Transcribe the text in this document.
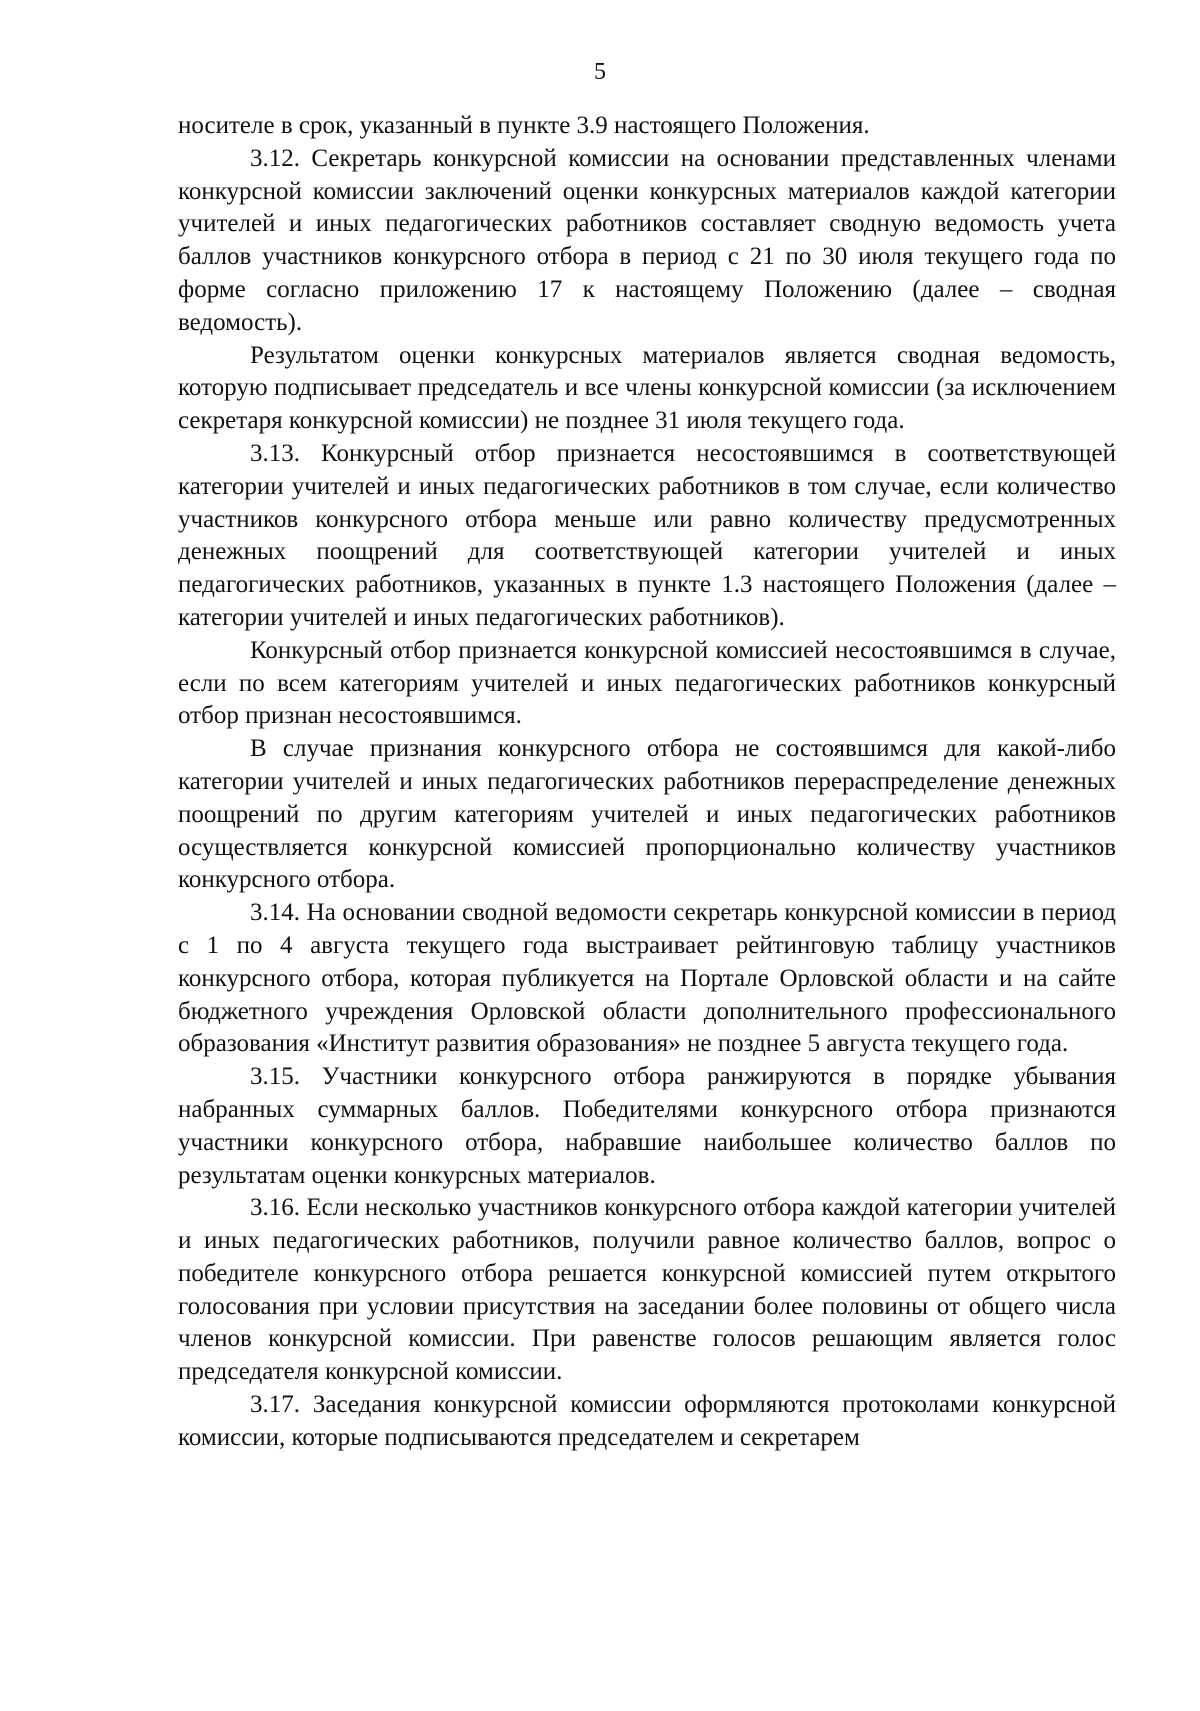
5

носителе в срок, указанный в пункте 3.9 настоящего Положения.

3.12. Секретарь конкурсной комиссии на основании представленных членами конкурсной комиссии заключений оценки конкурсных материалов каждой категории учителей и иных педагогических работников составляет сводную ведомость учета баллов участников конкурсного отбора в период с 21 по 30 июля текущего года по форме согласно приложению 17 к настоящему Положению (далее – сводная ведомость).

Результатом оценки конкурсных материалов является сводная ведомость, которую подписывает председатель и все члены конкурсной комиссии (за исключением секретаря конкурсной комиссии) не позднее 31 июля текущего года.

3.13. Конкурсный отбор признается несостоявшимся в соответствующей категории учителей и иных педагогических работников в том случае, если количество участников конкурсного отбора меньше или равно количеству предусмотренных денежных поощрений для соответствующей категории учителей и иных педагогических работников, указанных в пункте 1.3 настоящего Положения (далее – категории учителей и иных педагогических работников).

Конкурсный отбор признается конкурсной комиссией несостоявшимся в случае, если по всем категориям учителей и иных педагогических работников конкурсный отбор признан несостоявшимся.

В случае признания конкурсного отбора не состоявшимся для какой-либо категории учителей и иных педагогических работников перераспределение денежных поощрений по другим категориям учителей и иных педагогических работников осуществляется конкурсной комиссией пропорционально количеству участников конкурсного отбора.

3.14. На основании сводной ведомости секретарь конкурсной комиссии в период с 1 по 4 августа текущего года выстраивает рейтинговую таблицу участников конкурсного отбора, которая публикуется на Портале Орловской области и на сайте бюджетного учреждения Орловской области дополнительного профессионального образования «Институт развития образования» не позднее 5 августа текущего года.

3.15. Участники конкурсного отбора ранжируются в порядке убывания набранных суммарных баллов. Победителями конкурсного отбора признаются участники конкурсного отбора, набравшие наибольшее количество баллов по результатам оценки конкурсных материалов.

3.16. Если несколько участников конкурсного отбора каждой категории учителей и иных педагогических работников, получили равное количество баллов, вопрос о победителе конкурсного отбора решается конкурсной комиссией путем открытого голосования при условии присутствия на заседании более половины от общего числа членов конкурсной комиссии. При равенстве голосов решающим является голос председателя конкурсной комиссии.

3.17. Заседания конкурсной комиссии оформляются протоколами конкурсной комиссии, которые подписываются председателем и секретарем
